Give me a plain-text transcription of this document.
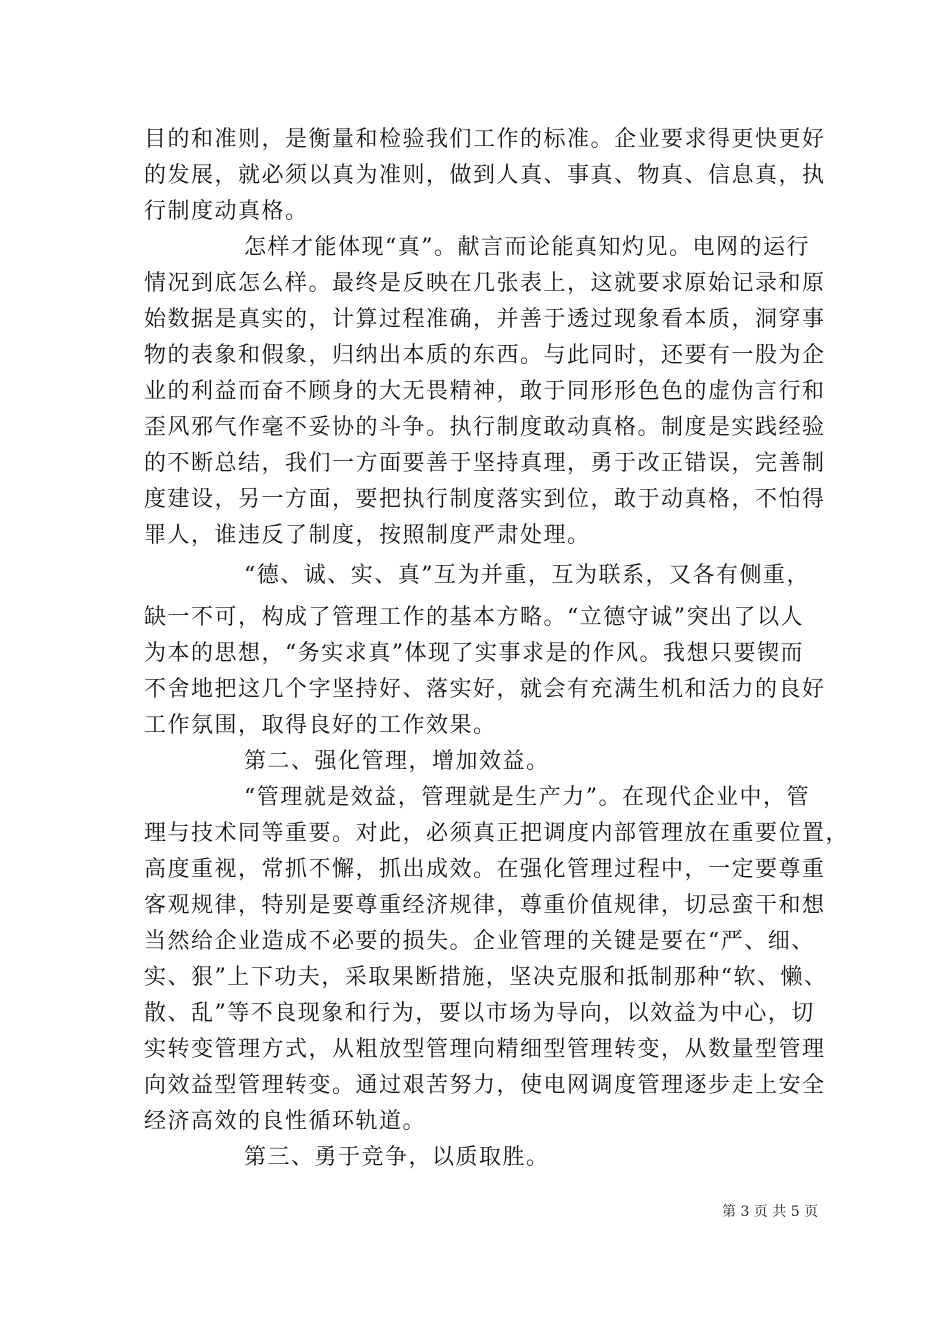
目的和准则，是衡量和检验我们工作的标准。企业要求得更快更好
的发展，就必须以真为准则，做到人真、事真、物真、信息真，执
行制度动真格。
怎样才能体现“真”。献言而论能真知灼见。电网的运行
情况到底怎么样。最终是反映在几张表上，这就要求原始记录和原
始数据是真实的，计算过程准确，并善于透过现象看本质，洞穿事
物的表象和假象，归纳出本质的东西。与此同时，还要有一股为企
业的利益而奋不顾身的大无畏精神，敢于同形形色色的虚伪言行和
歪风邪气作毫不妥协的斗争。执行制度敢动真格。制度是实践经验
的不断总结，我们一方面要善于坚持真理，勇于改正错误，完善制
度建设，另一方面，要把执行制度落实到位，敢于动真格，不怕得
罪人，谁违反了制度，按照制度严肃处理。
“德、诚、实、真”互为并重，互为联系，又各有侧重，
缺一不可，构成了管理工作的基本方略。“立德守诚”突出了以人
为本的思想，“务实求真”体现了实事求是的作风。我想只要锲而
不舍地把这几个字坚持好、落实好，就会有充满生机和活力的良好
工作氛围，取得良好的工作效果。
第二、强化管理，增加效益。
“管理就是效益，管理就是生产力”。在现代企业中，管
理与技术同等重要。对此，必须真正把调度内部管理放在重要位置，
高度重视，常抓不懈，抓出成效。在强化管理过程中，一定要尊重
客观规律，特别是要尊重经济规律，尊重价值规律，切忌蛮干和想
当然给企业造成不必要的损失。企业管理的关键是要在“严、细、
实、狠”上下功夫，采取果断措施，坚决克服和抵制那种“软、懒、
散、乱”等不良现象和行为，要以市场为导向，以效益为中心，切
实转变管理方式，从粗放型管理向精细型管理转变，从数量型管理
向效益型管理转变。通过艰苦努力，使电网调度管理逐步走上安全
经济高效的良性循环轨道。
第三、勇于竞争，以质取胜。
第 3 页 共 5 页
